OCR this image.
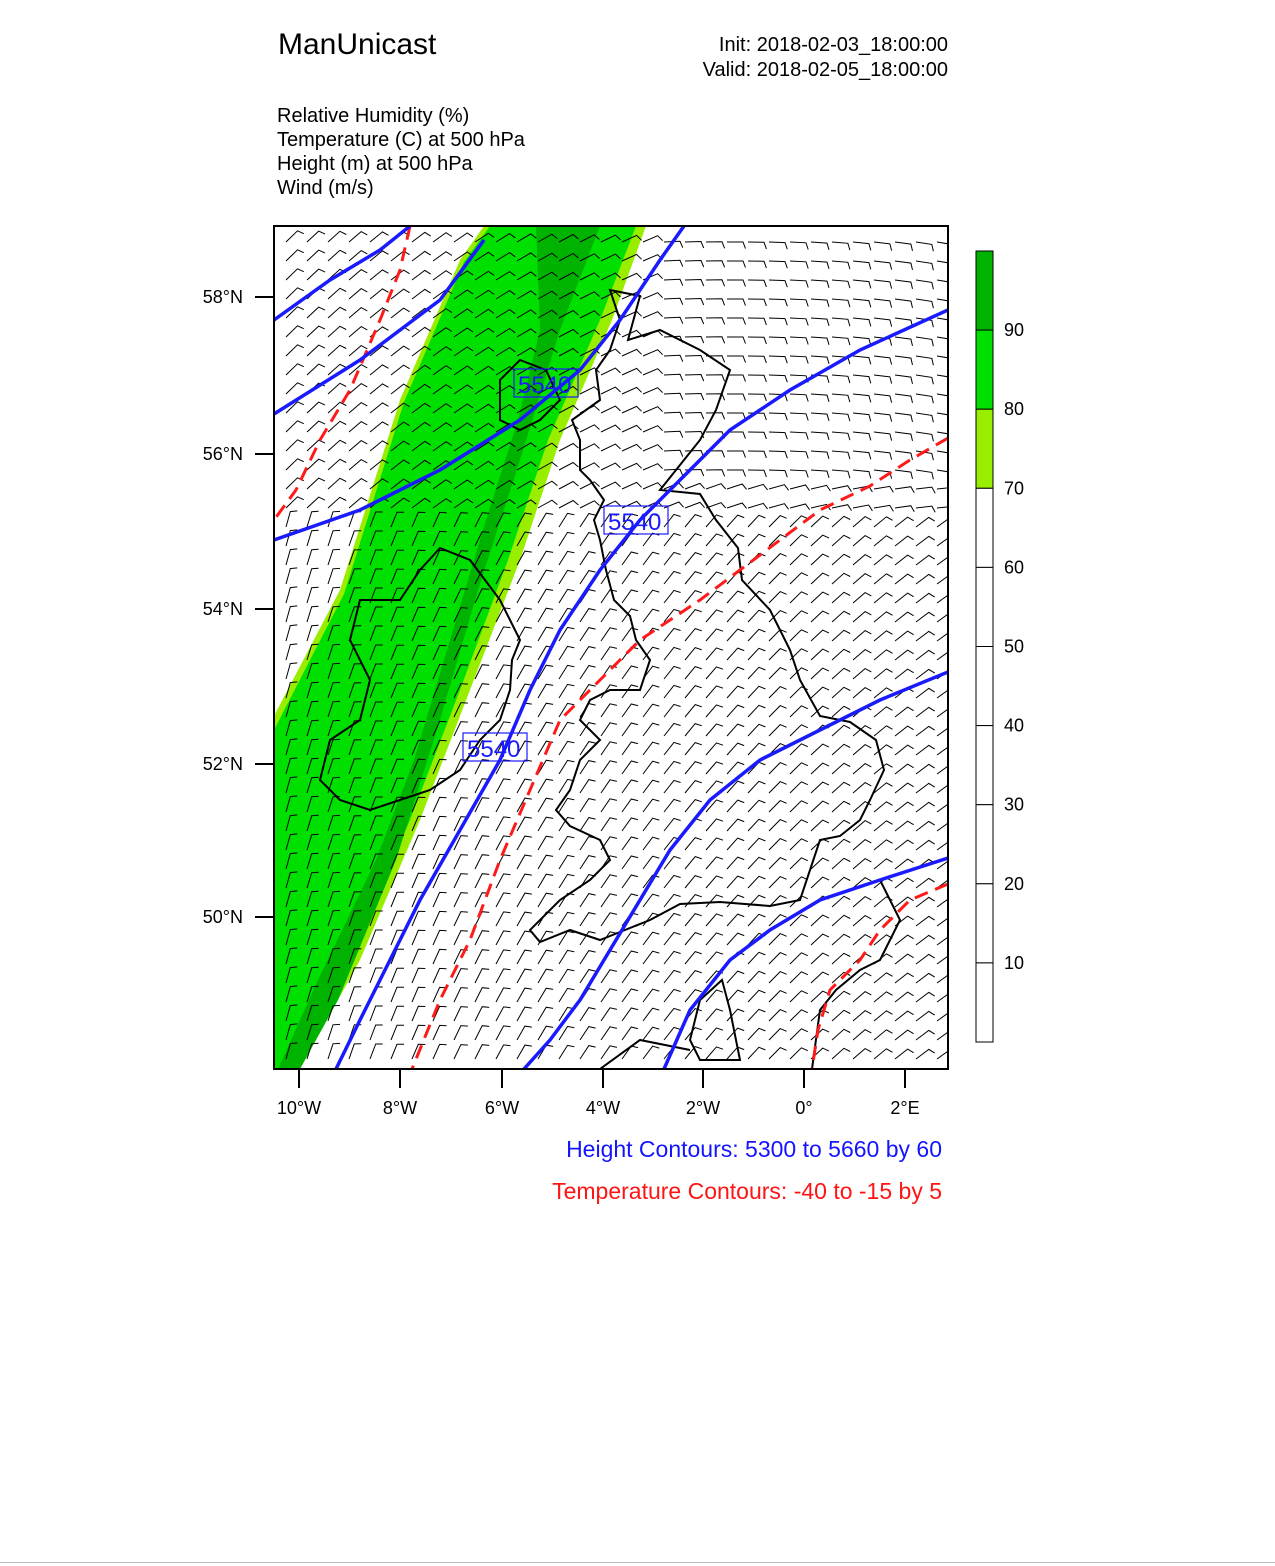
ManUnicast	Init: 2018-02-03_18:00:00
Valid: 2018-02-05_18:00:00
Relative Humidity (%)
Temperature (C) at 500 hPa
Height (m) at 500 hPa
Wind (m/s)
5540
5540
5540
58°N
56°N
54°N
52°N
50°N
10°W	8°W	6°W	4°W	2°W	0°	2°E
90
80
70
60
50
40
30
20
10
Height Contours: 5300 to 5660 by 60
Temperature Contours: -40 to -15 by 5
